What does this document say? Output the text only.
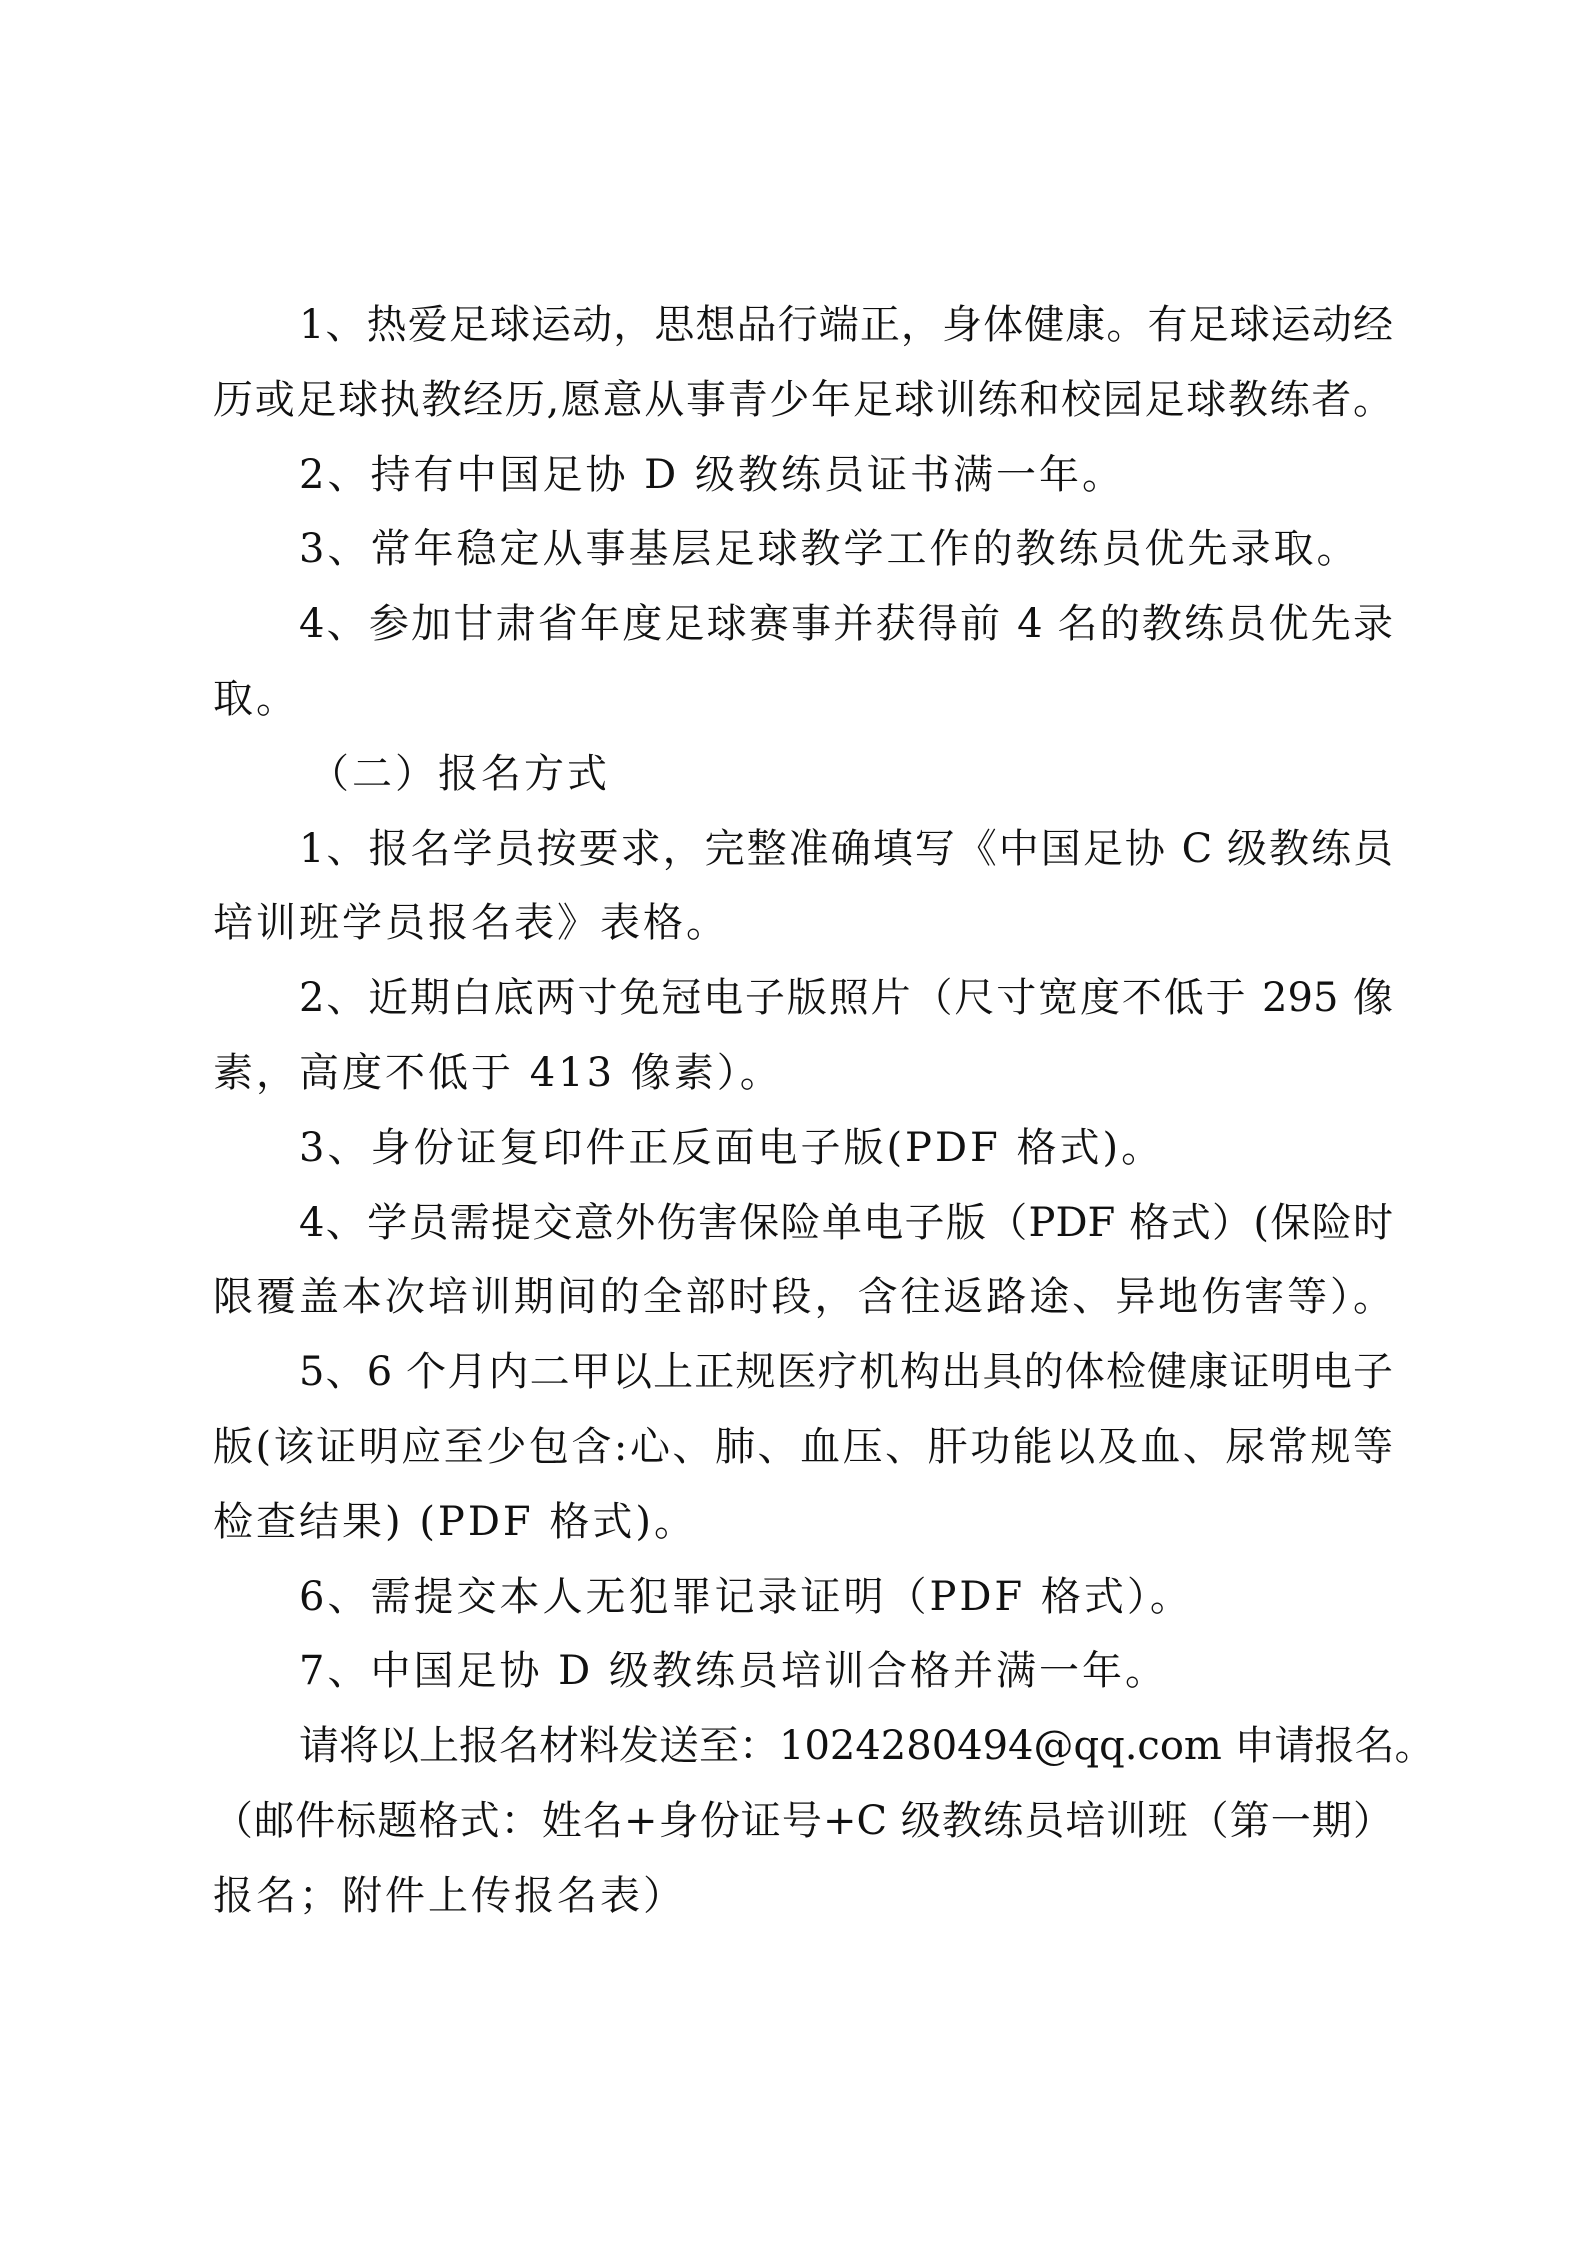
1、热爱足球运动，思想品行端正，身体健康。有足球运动经
历或足球执教经历,愿意从事青少年足球训练和校园足球教练者。
2、持有中国足协 D 级教练员证书满一年。
3、常年稳定从事基层足球教学工作的教练员优先录取。
4、参加甘肃省年度足球赛事并获得前 4 名的教练员优先录
取。
（二）报名方式
1、报名学员按要求，完整准确填写《中国足协 C 级教练员
培训班学员报名表》表格。
2、近期白底两寸免冠电子版照片（尺寸宽度不低于 295 像
素，高度不低于 413 像素）。
3、身份证复印件正反面电子版(PDF 格式)。
4、学员需提交意外伤害保险单电子版（PDF 格式）(保险时
限覆盖本次培训期间的全部时段，含往返路途、异地伤害等）。
5、6 个月内二甲以上正规医疗机构出具的体检健康证明电子
版(该证明应至少包含:心、肺、血压、肝功能以及血、尿常规等
检查结果) (PDF 格式)。
6、需提交本人无犯罪记录证明（PDF 格式）。
7、中国足协 D 级教练员培训合格并满一年。
请将以上报名材料发送至：1024280494@qq.com 申请报名。
（邮件标题格式：姓名+身份证号+C 级教练员培训班（第一期）
报名；附件上传报名表）
